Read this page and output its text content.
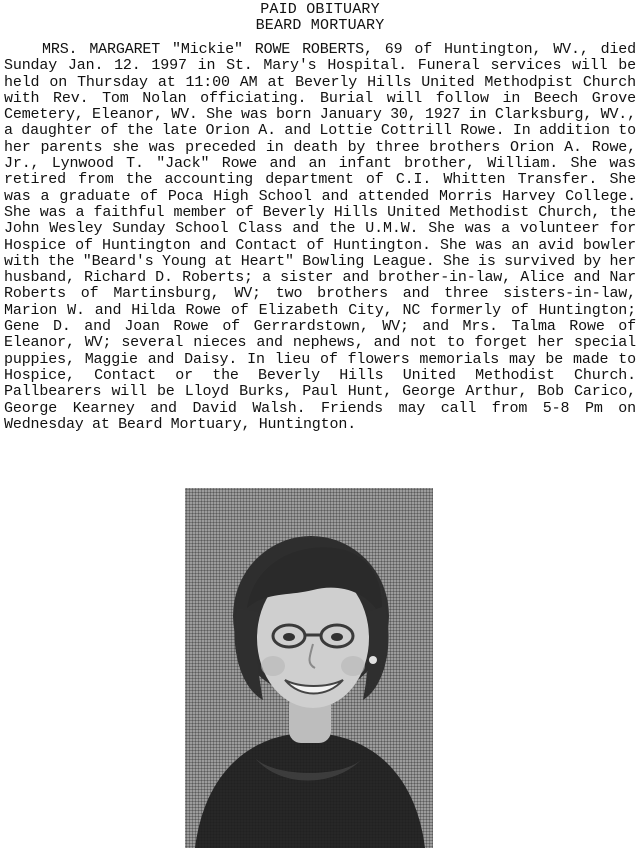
PAID OBITUARY
BEARD MORTUARY

MRS. MARGARET "Mickie" ROWE ROBERTS, 69 of Huntington, WV., died Sunday Jan. 12. 1997 in St. Mary's Hospital. Funeral services will be held on Thursday at 11:00 AM at Beverly Hills United Methodpist Church with Rev. Tom Nolan officiating. Burial will follow in Beech Grove Cemetery, Eleanor, WV. She was born January 30, 1927 in Clarksburg, WV., a daughter of the late Orion A. and Lottie Cottrill Rowe. In addition to her parents she was preceded in death by three brothers Orion A. Rowe, Jr., Lynwood T. "Jack" Rowe and an infant brother, William. She was retired from the accounting department of C.I. Whitten Transfer. She was a graduate of Poca High School and attended Morris Harvey College. She was a faithful member of Beverly Hills United Methodist Church, the John Wesley Sunday School Class and the U.M.W. She was a volunteer for Hospice of Huntington and Contact of Huntington. She was an avid bowler with the "Beard's Young at Heart" Bowling League. She is survived by her husband, Richard D. Roberts; a sister and brother-in-law, Alice and Nar Roberts of Martinsburg, WV; two brothers and three sisters-in-law, Marion W. and Hilda Rowe of Elizabeth City, NC formerly of Huntington; Gene D. and Joan Rowe of Gerrardstown, WV; and Mrs. Talma Rowe of Eleanor, WV; several nieces and nephews, and not to forget her special puppies, Maggie and Daisy. In lieu of flowers memorials may be made to Hospice, Contact or the Beverly Hills United Methodist Church. Pallbearers will be Lloyd Burks, Paul Hunt, George Arthur, Bob Carico, George Kearney and David Walsh. Friends may call from 5-8 Pm on Wednesday at Beard Mortuary, Huntington.
